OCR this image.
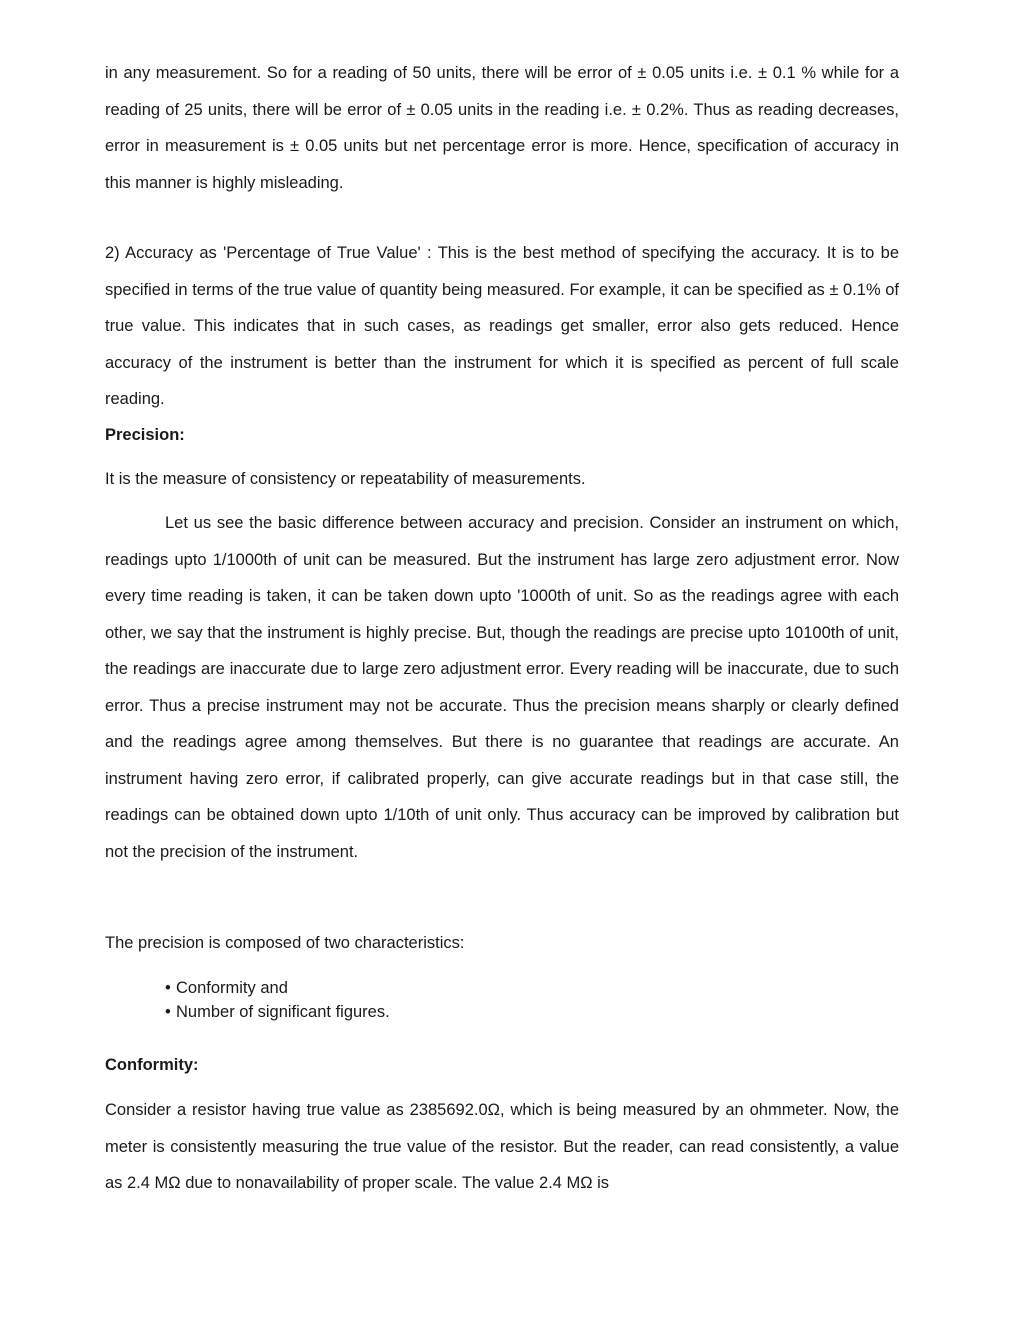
in any measurement. So for a reading of 50 units, there will be error of ± 0.05 units i.e. ± 0.1 % while for a reading of 25 units, there will be error of ± 0.05 units in the reading i.e. ± 0.2%. Thus as reading decreases, error in measurement is ± 0.05 units but net percentage error is more. Hence, specification of accuracy in this manner is highly misleading.

2) Accuracy as 'Percentage of True Value' : This is the best method of specifying the accuracy. It is to be specified in terms of the true value of quantity being measured. For example, it can be specified as ± 0.1% of true value. This indicates that in such cases, as readings get smaller, error also gets reduced. Hence accuracy of the instrument is better than the instrument for which it is specified as percent of full scale reading.

Precision:
It is the measure of consistency or repeatability of measurements.

Let us see the basic difference between accuracy and precision. Consider an instrument on which, readings upto 1/1000th of unit can be measured. But the instrument has large zero adjustment error. Now every time reading is taken, it can be taken down upto '1000th of unit. So as the readings agree with each other, we say that the instrument is highly precise. But, though the readings are precise upto 10100th of unit, the readings are inaccurate due to large zero adjustment error. Every reading will be inaccurate, due to such error. Thus a precise instrument may not be accurate. Thus the precision means sharply or clearly defined and the readings agree among themselves. But there is no guarantee that readings are accurate. An instrument having zero error, if calibrated properly, can give accurate readings but in that case still, the readings can be obtained down upto 1/10th of unit only. Thus accuracy can be improved by calibration but not the precision of the instrument.

The precision is composed of two characteristics:
• Conformity and
• Number of significant figures.
Conformity:

Consider a resistor having true value as 2385692.0Ω, which is being measured by an ohmmeter. Now, the meter is consistently measuring the true value of the resistor. But the reader, can read consistently, a value as 2.4 MΩ due to nonavailability of proper scale. The value 2.4 MΩ is
